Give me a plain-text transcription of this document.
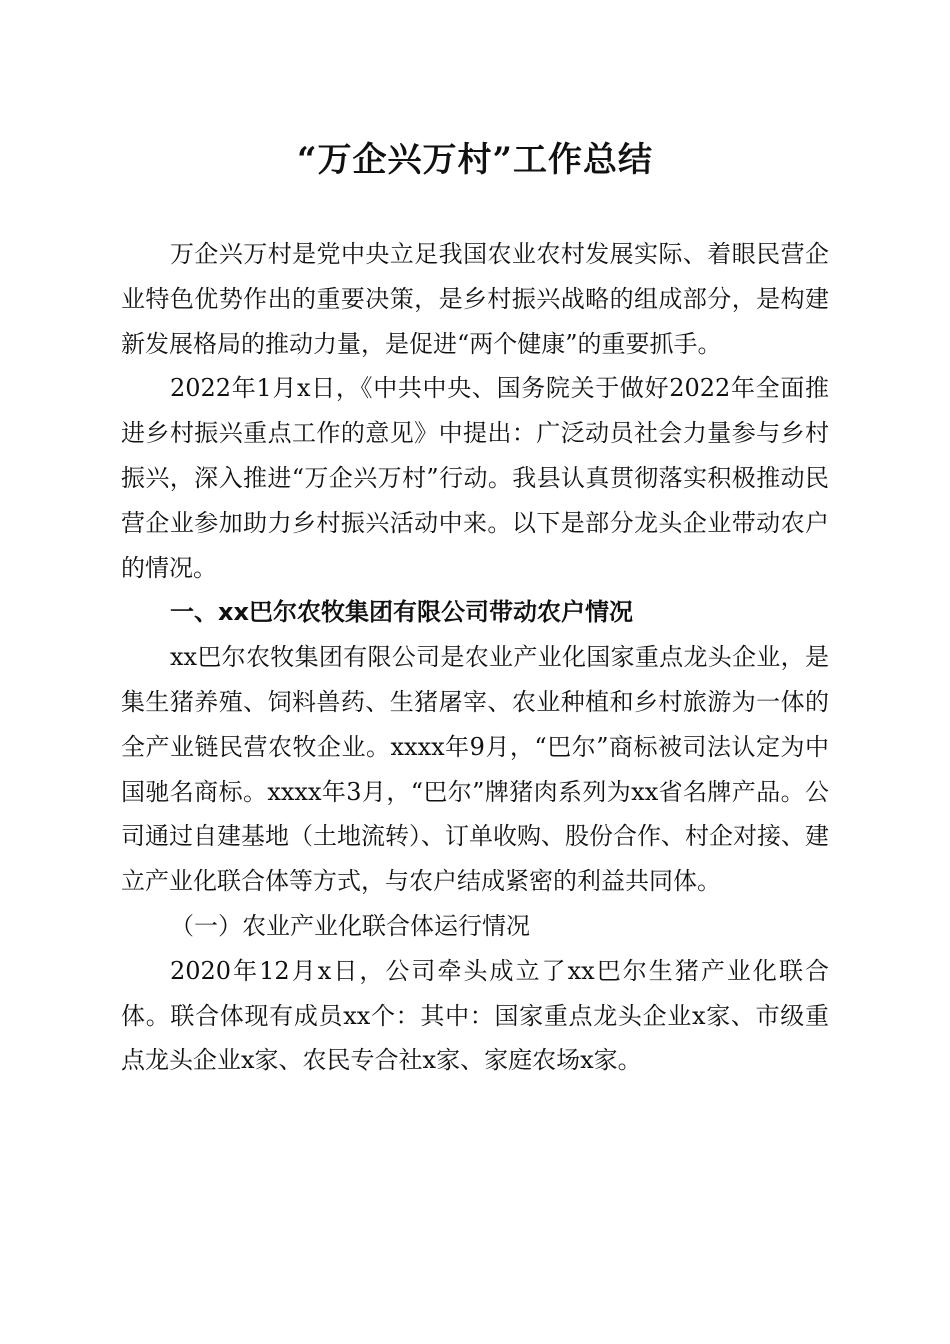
“万企兴万村”工作总结

万企兴万村是党中央立足我国农业农村发展实际、着眼民营企业特色优势作出的重要决策，是乡村振兴战略的组成部分，是构建新发展格局的推动力量，是促进“两个健康”的重要抓手。

2022年1月x日，《中共中央、国务院关于做好2022年全面推进乡村振兴重点工作的意见》中提出：广泛动员社会力量参与乡村振兴，深入推进“万企兴万村”行动。我县认真贯彻落实积极推动民营企业参加助力乡村振兴活动中来。以下是部分龙头企业带动农户的情况。

一、xx巴尔农牧集团有限公司带动农户情况

xx巴尔农牧集团有限公司是农业产业化国家重点龙头企业，是集生猪养殖、饲料兽药、生猪屠宰、农业种植和乡村旅游为一体的全产业链民营农牧企业。xxxx年9月，“巴尔”商标被司法认定为中国驰名商标。xxxx年3月，“巴尔”牌猪肉系列为xx省名牌产品。公司通过自建基地（土地流转）、订单收购、股份合作、村企对接、建立产业化联合体等方式，与农户结成紧密的利益共同体。

（一）农业产业化联合体运行情况

2020年12月x日，公司牵头成立了xx巴尔生猪产业化联合体。联合体现有成员xx个：其中：国家重点龙头企业x家、市级重点龙头企业x家、农民专合社x家、家庭农场x家。
